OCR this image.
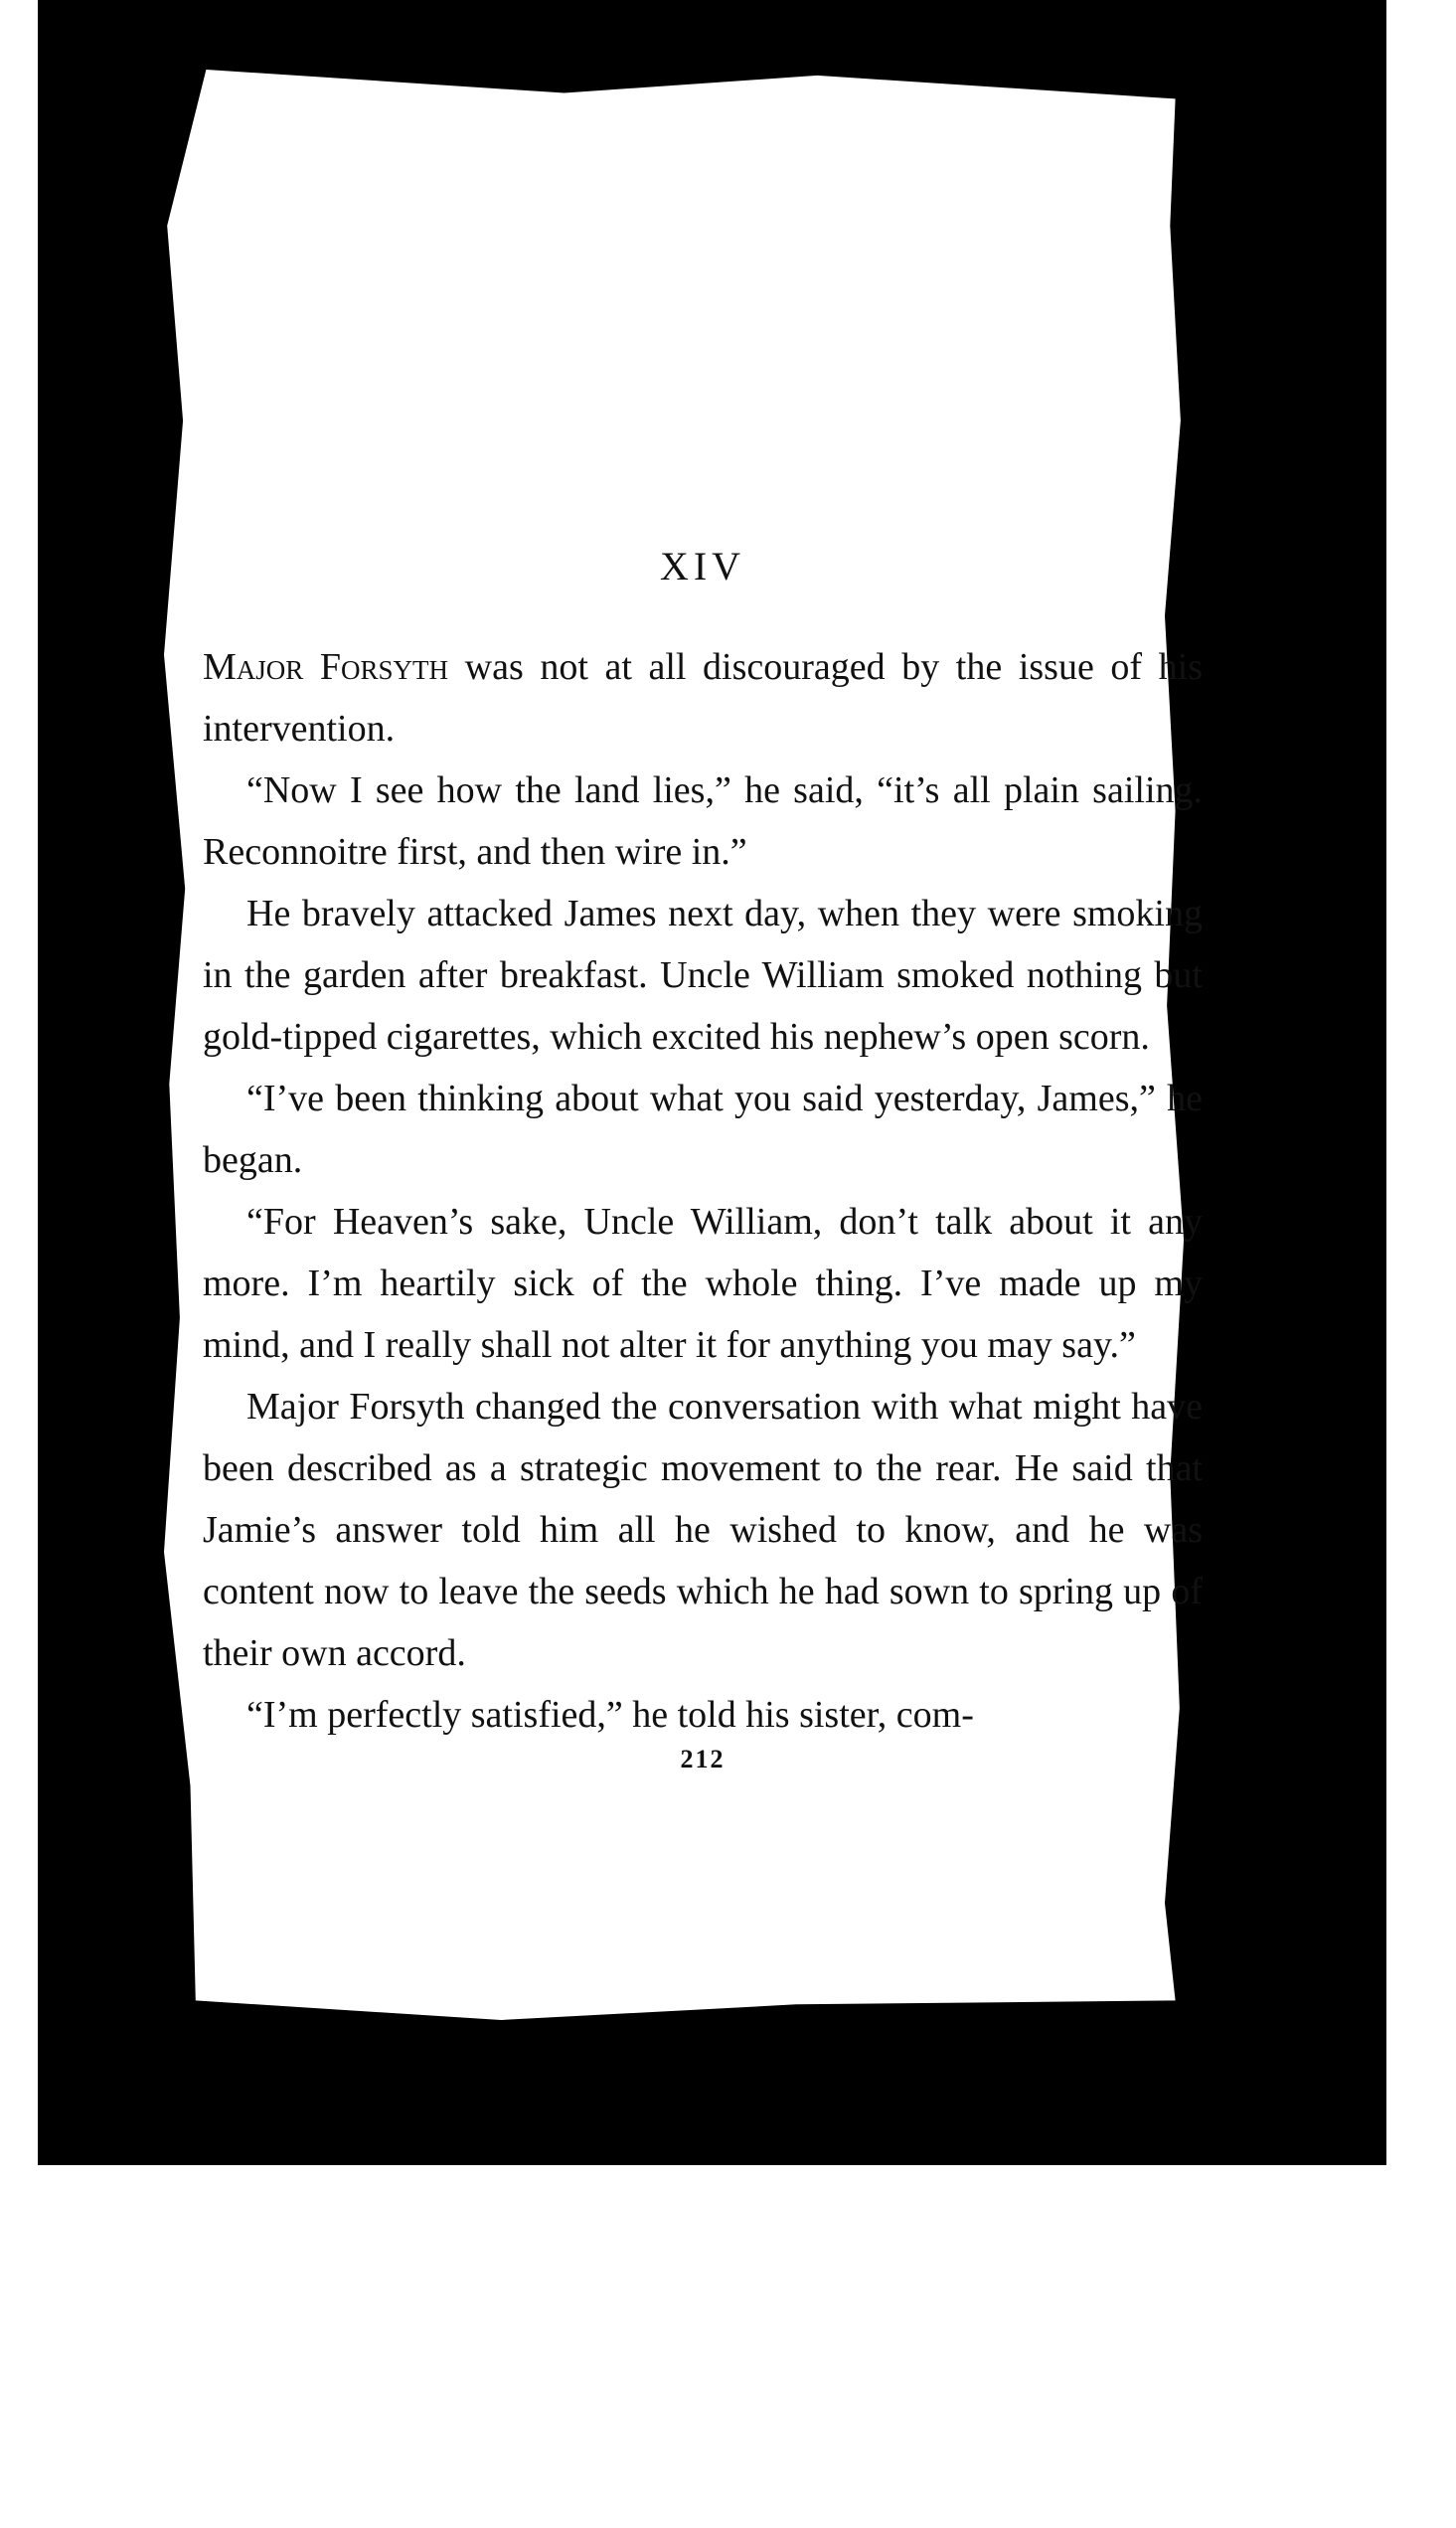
XIV

Major Forsyth was not at all discouraged by the issue of his intervention.

“Now I see how the land lies,” he said, “it’s all plain sailing. Reconnoitre first, and then wire in.”

He bravely attacked James next day, when they were smoking in the garden after breakfast. Uncle William smoked nothing but gold-tipped cigarettes, which excited his nephew’s open scorn.

“I’ve been thinking about what you said yesterday, James,” he began.

“For Heaven’s sake, Uncle William, don’t talk about it any more. I’m heartily sick of the whole thing. I’ve made up my mind, and I really shall not alter it for anything you may say.”

Major Forsyth changed the conversation with what might have been described as a strategic movement to the rear. He said that Jamie’s answer told him all he wished to know, and he was content now to leave the seeds which he had sown to spring up of their own accord.

“I’m perfectly satisfied,” he told his sister, com-

212
